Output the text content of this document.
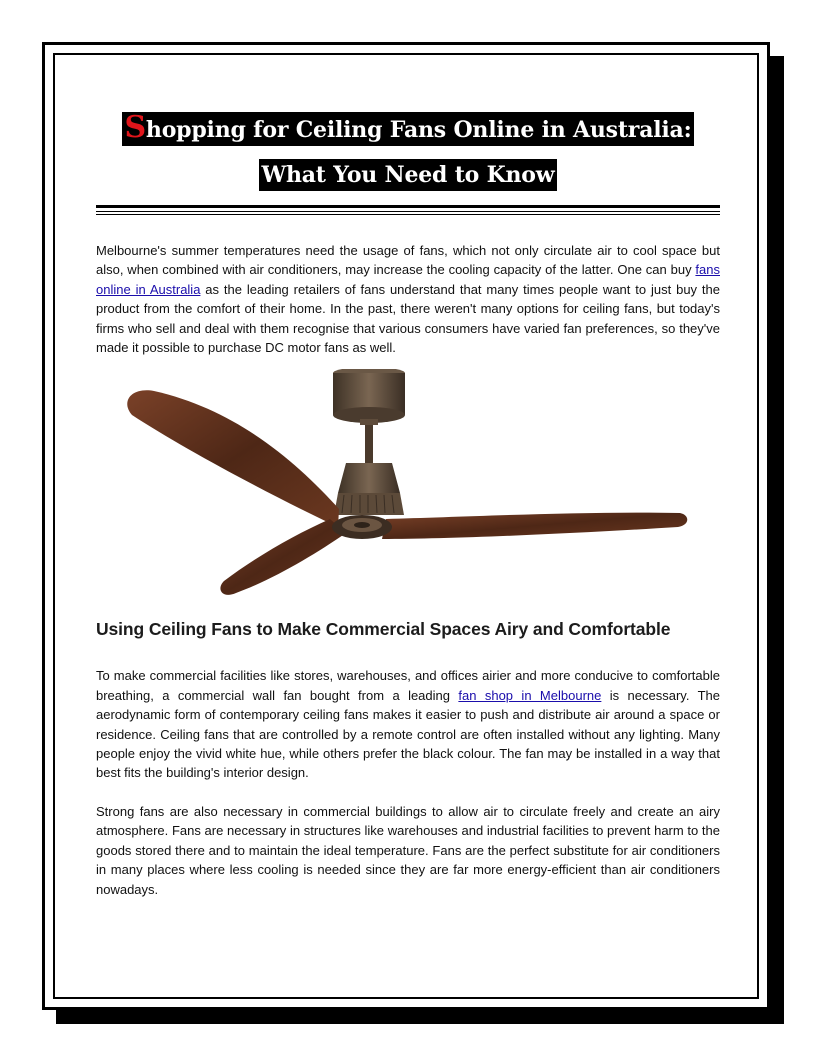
Shopping for Ceiling Fans Online in Australia:
What You Need to Know

Melbourne's summer temperatures need the usage of fans, which not only circulate air to cool space but also, when combined with air conditioners, may increase the cooling capacity of the latter. One can buy fans online in Australia as the leading retailers of fans understand that many times people want to just buy the product from the comfort of their home. In the past, there weren't many options for ceiling fans, but today's firms who sell and deal with them recognise that various consumers have varied fan preferences, so they've made it possible to purchase DC motor fans as well.

Using Ceiling Fans to Make Commercial Spaces Airy and Comfortable

To make commercial facilities like stores, warehouses, and offices airier and more conducive to comfortable breathing, a commercial wall fan bought from a leading fan shop in Melbourne is necessary. The aerodynamic form of contemporary ceiling fans makes it easier to push and distribute air around a space or residence. Ceiling fans that are controlled by a remote control are often installed without any lighting. Many people enjoy the vivid white hue, while others prefer the black colour. The fan may be installed in a way that best fits the building's interior design.

Strong fans are also necessary in commercial buildings to allow air to circulate freely and create an airy atmosphere. Fans are necessary in structures like warehouses and industrial facilities to prevent harm to the goods stored there and to maintain the ideal temperature. Fans are the perfect substitute for air conditioners in many places where less cooling is needed since they are far more energy-efficient than air conditioners nowadays.
